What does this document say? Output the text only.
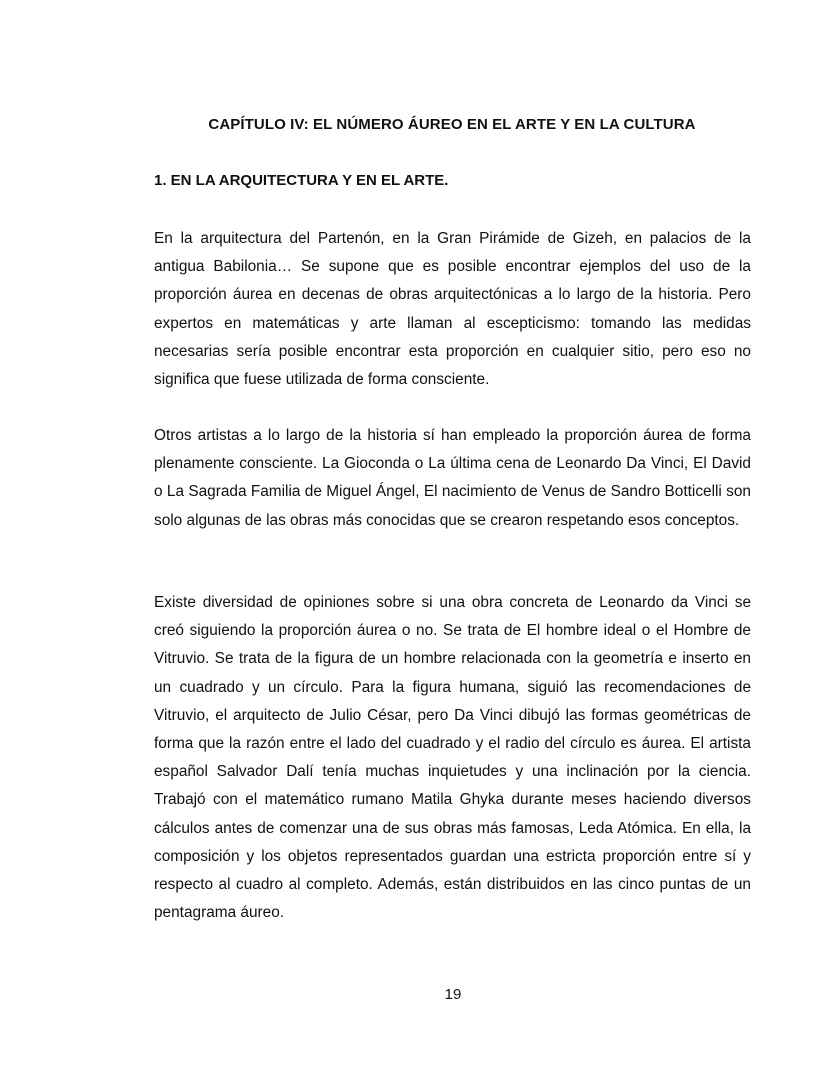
CAPÍTULO IV: EL NÚMERO ÁUREO EN EL ARTE Y EN LA CULTURA
1. EN LA ARQUITECTURA Y EN EL ARTE.

En la arquitectura del Partenón, en la Gran Pirámide de Gizeh, en palacios de la antigua Babilonia… Se supone que es posible encontrar ejemplos del uso de la proporción áurea en decenas de obras arquitectónicas a lo largo de la historia. Pero expertos en matemáticas y arte llaman al escepticismo: tomando las medidas necesarias sería posible encontrar esta proporción en cualquier sitio, pero eso no significa que fuese utilizada de forma consciente.

Otros artistas a lo largo de la historia sí han empleado la proporción áurea de forma plenamente consciente. La Gioconda o La última cena de Leonardo Da Vinci, El David o La Sagrada Familia de Miguel Ángel, El nacimiento de Venus de Sandro Botticelli son solo algunas de las obras más conocidas que se crearon respetando esos conceptos.

Existe diversidad de opiniones sobre si una obra concreta de Leonardo da Vinci se creó siguiendo la proporción áurea o no. Se trata de El hombre ideal o el Hombre de Vitruvio. Se trata de la figura de un hombre relacionada con la geometría e inserto en un cuadrado y un círculo. Para la figura humana, siguió las recomendaciones de Vitruvio, el arquitecto de Julio César, pero Da Vinci dibujó las formas geométricas de forma que la razón entre el lado del cuadrado y el radio del círculo es áurea. El artista español Salvador Dalí tenía muchas inquietudes y una inclinación por la ciencia. Trabajó con el matemático rumano Matila Ghyka durante meses haciendo diversos cálculos antes de comenzar una de sus obras más famosas, Leda Atómica. En ella, la composición y los objetos representados guardan una estricta proporción entre sí y respecto al cuadro al completo. Además, están distribuidos en las cinco puntas de un pentagrama áureo.

19
